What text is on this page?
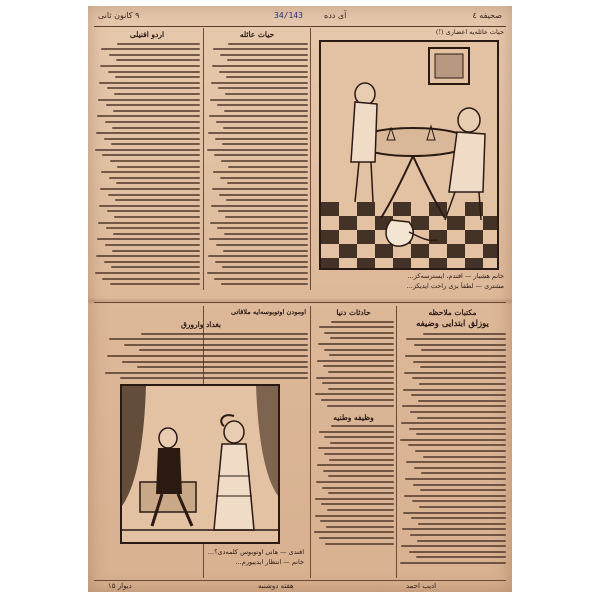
۹ کانون ثانی	34/143	آی دده	صحیفه ٤
اردو افنیلی	حیات عائله	حیات عائله‌یه اعضاری (!)
خانم هشیار — افندم، ایسترسه‌کز...
مشتری — لطفاً بزی راحت ایدیکز...
اومودن اوتوبوسه‌ایه ملاقاتی
افندی — هانی اوتوبوس کلمه‌دی؟...
خانم — انتظار ایدییورم...
بغداد وارورق
حادثات دنیا
وظیفه وطنیه
مکتبات ملاحظه
یوزلق ابتدایی وضیفه
دیوار ۱۵	هفته دوشنبه	ادیب احمد
